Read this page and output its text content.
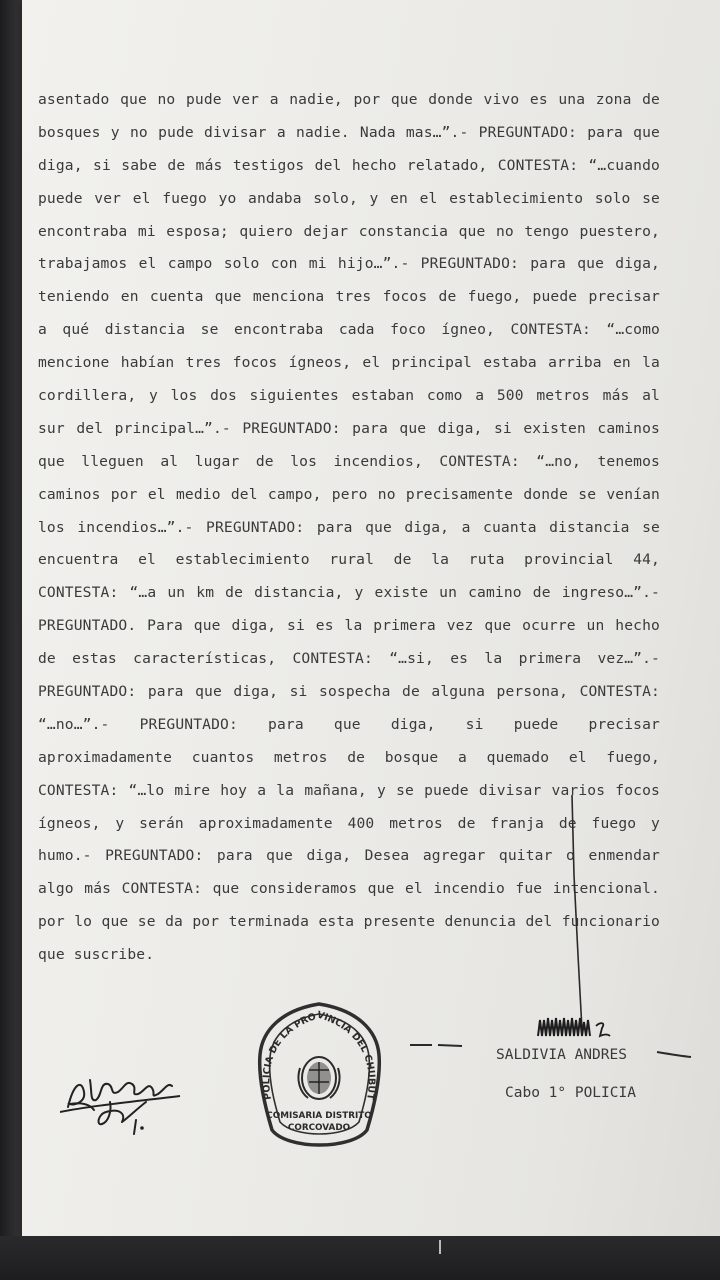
asentado que no pude ver a nadie, por que donde vivo es una zona de
bosques y no pude divisar a nadie. Nada mas…”.- PREGUNTADO: para que
diga, si sabe de más testigos del hecho relatado, CONTESTA: “…cuando
puede ver el fuego yo andaba solo, y en el establecimiento solo se
encontraba mi esposa; quiero dejar constancia que no tengo puestero,
trabajamos el campo solo con mi hijo…”.- PREGUNTADO: para que diga,
teniendo en cuenta que menciona tres focos de fuego, puede precisar
a qué distancia se encontraba cada foco ígneo, CONTESTA: “…como
mencione habían tres focos ígneos, el principal estaba arriba en la
cordillera, y los dos siguientes estaban como a 500 metros más al
sur del principal…”.- PREGUNTADO: para que diga, si existen caminos
que lleguen al lugar de los incendios, CONTESTA: “…no, tenemos
caminos por el medio del campo, pero no precisamente donde se venían
los incendios…”.- PREGUNTADO: para que diga, a cuanta distancia se
encuentra el establecimiento rural de la ruta provincial 44,
CONTESTA: “…a un km de distancia, y existe un camino de ingreso…”.-
PREGUNTADO. Para que diga, si es la primera vez que ocurre un hecho
de estas características, CONTESTA: “…si, es la primera vez…”.-
PREGUNTADO: para que diga, si sospecha de alguna persona, CONTESTA:
“…no…”.- PREGUNTADO: para que diga, si puede precisar
aproximadamente cuantos metros de bosque a quemado el fuego,
CONTESTA: “…lo mire hoy a la mañana, y se puede divisar varios focos
ígneos, y serán aproximadamente 400 metros de franja de fuego y
humo.- PREGUNTADO: para que diga, Desea agregar quitar o enmendar
algo más CONTESTA: que consideramos que el incendio fue intencional.
por lo que se da por terminada esta presente denuncia del funcionario
que suscribe.
POLICIA DE LA PROVINCIA DEL CHUBUT
COMISARIA DISTRITO
CORCOVADO
SALDIVIA ANDRES
Cabo 1° POLICIA
